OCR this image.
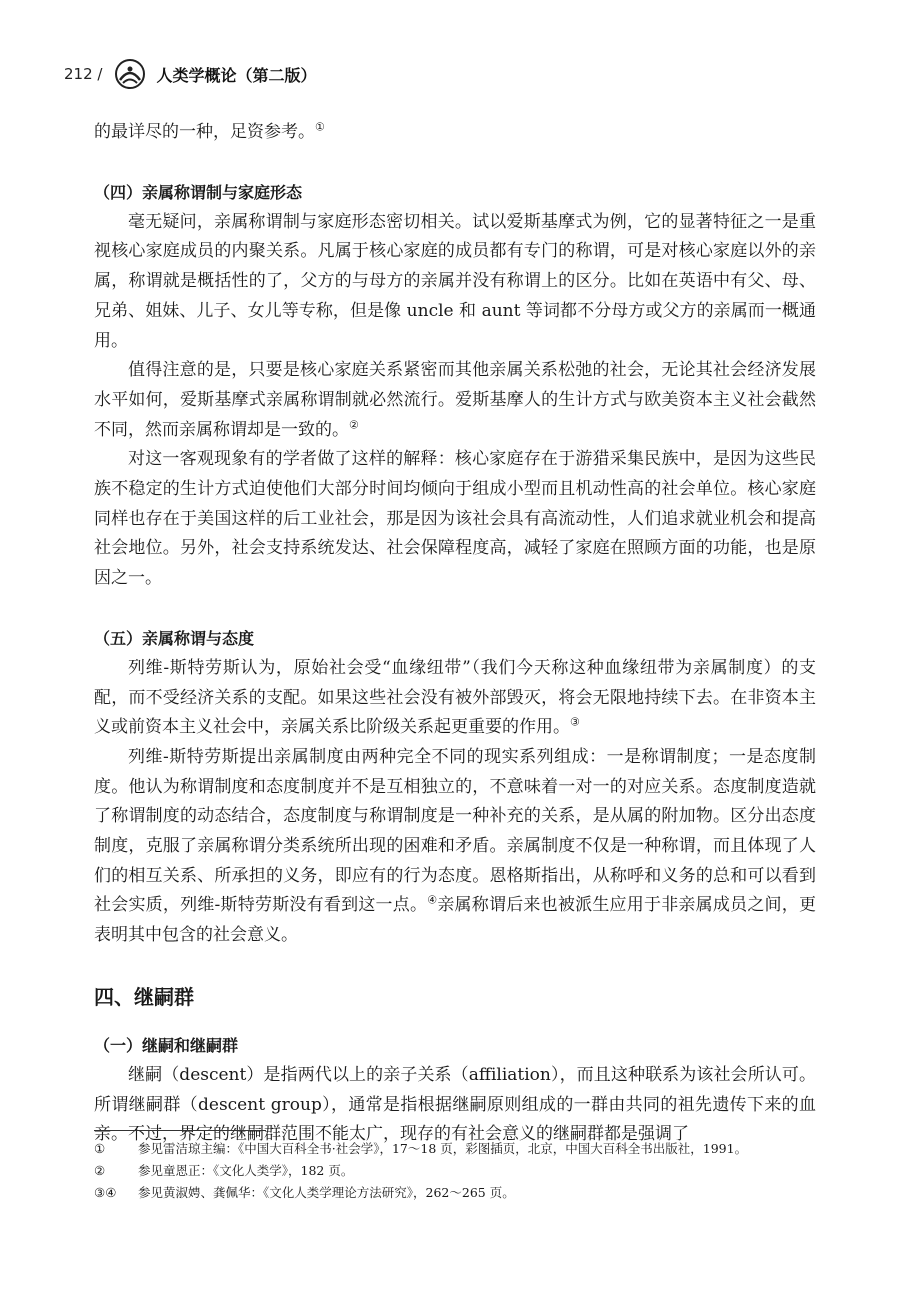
212 /	人类学概论（第二版）

的最详尽的一种，足资参考。①

（四）亲属称谓制与家庭形态

毫无疑问，亲属称谓制与家庭形态密切相关。试以爱斯基摩式为例，它的显著特征之一是重视核心家庭成员的内聚关系。凡属于核心家庭的成员都有专门的称谓，可是对核心家庭以外的亲属，称谓就是概括性的了，父方的与母方的亲属并没有称谓上的区分。比如在英语中有父、母、兄弟、姐妹、儿子、女儿等专称，但是像 uncle 和 aunt 等词都不分母方或父方的亲属而一概通用。

值得注意的是，只要是核心家庭关系紧密而其他亲属关系松弛的社会，无论其社会经济发展水平如何，爱斯基摩式亲属称谓制就必然流行。爱斯基摩人的生计方式与欧美资本主义社会截然不同，然而亲属称谓却是一致的。②

对这一客观现象有的学者做了这样的解释：核心家庭存在于游猎采集民族中，是因为这些民族不稳定的生计方式迫使他们大部分时间均倾向于组成小型而且机动性高的社会单位。核心家庭同样也存在于美国这样的后工业社会，那是因为该社会具有高流动性，人们追求就业机会和提高社会地位。另外，社会支持系统发达、社会保障程度高，减轻了家庭在照顾方面的功能，也是原因之一。

（五）亲属称谓与态度

列维-斯特劳斯认为，原始社会受“血缘纽带”（我们今天称这种血缘纽带为亲属制度）的支配，而不受经济关系的支配。如果这些社会没有被外部毁灭，将会无限地持续下去。在非资本主义或前资本主义社会中，亲属关系比阶级关系起更重要的作用。③

列维-斯特劳斯提出亲属制度由两种完全不同的现实系列组成：一是称谓制度；一是态度制度。他认为称谓制度和态度制度并不是互相独立的，不意味着一对一的对应关系。态度制度造就了称谓制度的动态结合，态度制度与称谓制度是一种补充的关系，是从属的附加物。区分出态度制度，克服了亲属称谓分类系统所出现的困难和矛盾。亲属制度不仅是一种称谓，而且体现了人们的相互关系、所承担的义务，即应有的行为态度。恩格斯指出，从称呼和义务的总和可以看到社会实质，列维-斯特劳斯没有看到这一点。④亲属称谓后来也被派生应用于非亲属成员之间，更表明其中包含的社会意义。

四、继嗣群
（一）继嗣和继嗣群

继嗣（descent）是指两代以上的亲子关系（affiliation），而且这种联系为该社会所认可。所谓继嗣群（descent group），通常是指根据继嗣原则组成的一群由共同的祖先遗传下来的血亲。不过，界定的继嗣群范围不能太广，现存的有社会意义的继嗣群都是强调了

①	参见雷洁琼主编：《中国大百科全书·社会学》，17～18 页，彩图插页，北京，中国大百科全书出版社，1991。
②	参见童恩正：《文化人类学》，182 页。
③④	参见黄淑娉、龚佩华：《文化人类学理论方法研究》，262～265 页。
